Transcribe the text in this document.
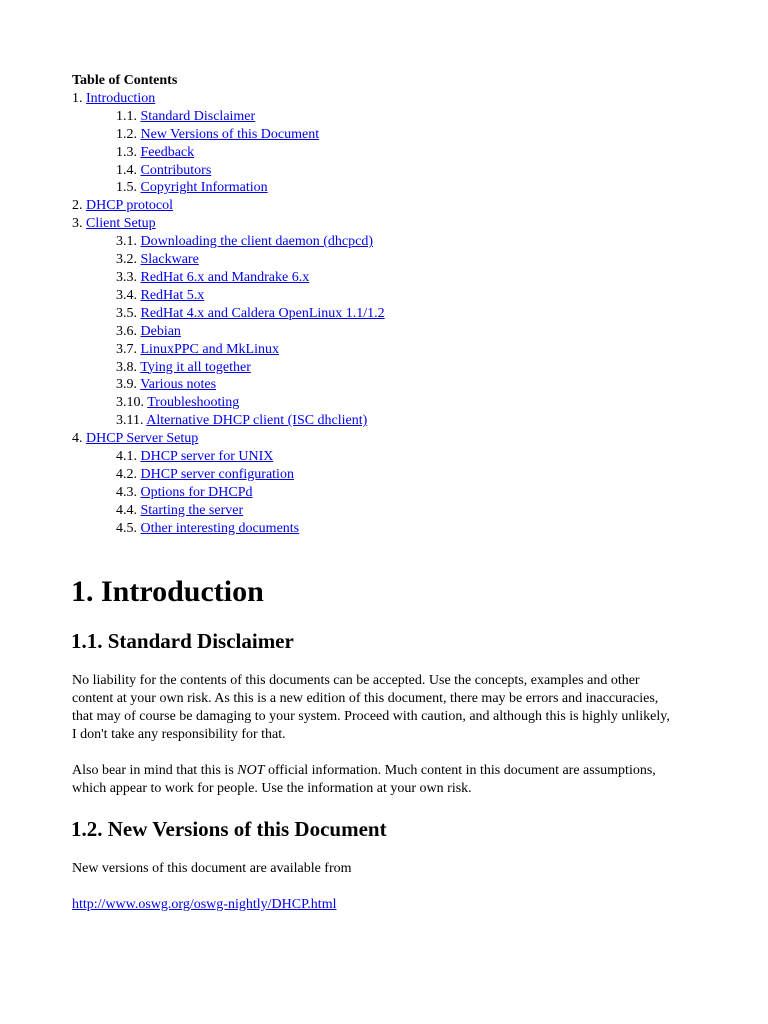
Table of Contents
1. Introduction
1.1. Standard Disclaimer
1.2. New Versions of this Document
1.3. Feedback
1.4. Contributors
1.5. Copyright Information
2. DHCP protocol
3. Client Setup
3.1. Downloading the client daemon (dhcpcd)
3.2. Slackware
3.3. RedHat 6.x and Mandrake 6.x
3.4. RedHat 5.x
3.5. RedHat 4.x and Caldera OpenLinux 1.1/1.2
3.6. Debian
3.7. LinuxPPC and MkLinux
3.8. Tying it all together
3.9. Various notes
3.10. Troubleshooting
3.11. Alternative DHCP client (ISC dhclient)
4. DHCP Server Setup
4.1. DHCP server for UNIX
4.2. DHCP server configuration
4.3. Options for DHCPd
4.4. Starting the server
4.5. Other interesting documents
1. Introduction
1.1. Standard Disclaimer

No liability for the contents of this documents can be accepted. Use the concepts, examples and other content at your own risk. As this is a new edition of this document, there may be errors and inaccuracies, that may of course be damaging to your system. Proceed with caution, and although this is highly unlikely, I don't take any responsibility for that.

Also bear in mind that this is NOT official information. Much content in this document are assumptions, which appear to work for people. Use the information at your own risk.

1.2. New Versions of this Document

New versions of this document are available from

http://www.oswg.org/oswg-nightly/DHCP.html
